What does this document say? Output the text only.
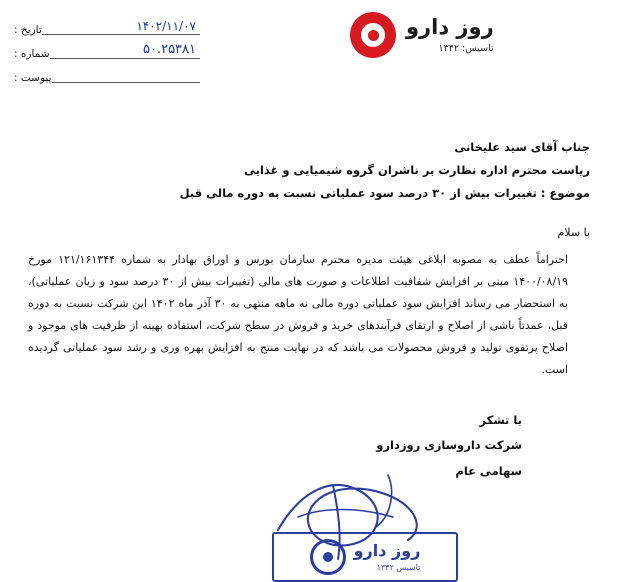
روز دارو
تاسیس: ۱۳۴۲
تاریخ :	۱۴۰۲/۱۱/۰۷
شماره :	۵۰.۲۵۳۸۱
پیوست :
جناب آقای سید علیخانی
ریاست محترم اداره نظارت بر ناشران گروه شیمیایی و غذایی
موضوع : تغییرات بیش از ۳۰ درصد سود عملیاتی نسبت به دوره مالی قبل

با سلام

احتراماً عطف به مصوبه ابلاغی هیئت مدیره محترم سازمان بورس و اوراق بهادار به شماره ۱۲۱/۱۶۱۳۴۴ مورخ ۱۴۰۰/۰۸/۱۹ مبنی بر افزایش شفافیت اطلاعات و صورت های مالی (تغییرات بیش از ۳۰ درصد سود و زیان عملیاتی)، به استحضار می رساند افزایش سود عملیاتی دوره مالی نه ماهه منتهی به ۳۰ آذر ماه ۱۴۰۲ این شرکت نسبت به دوره قبل، عمدتاً ناشی از اصلاح و ارتقای فرآیندهای خرید و فروش در سطح شرکت، استفاده بهینه از ظرفیت های موجود و اصلاح پرتفوی تولید و فروش محصولات می باشد که در نهایت منتج به افزایش بهره وری و رشد سود عملیاتی گردیده است.

با تشکر
شرکت داروسازی روزدارو
سهامی عام
روز دارو
تاسیس ۱۳۴۲
